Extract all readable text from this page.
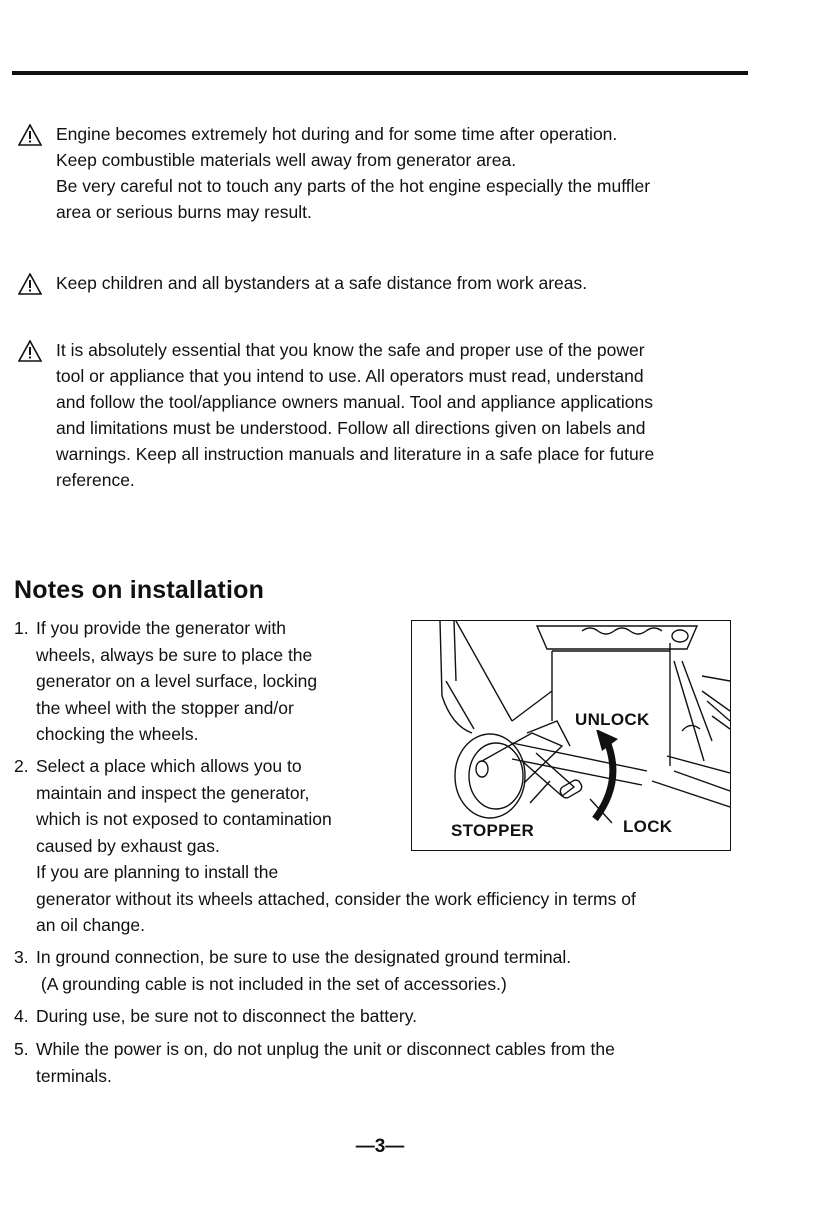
Engine becomes extremely hot during and for some time after operation.

Keep combustible materials well away from generator area.

Be very careful not to touch any parts of the hot engine especially the muffler

area or serious burns may result.

Keep children and all bystanders at a safe distance from work areas.

It is absolutely essential that you know the safe and proper use of the power

tool or appliance that you intend to use. All operators must read, understand

and follow the tool/appliance owners manual. Tool and appliance applications

and limitations must be understood. Follow all directions given on labels and

warnings. Keep all instruction manuals and literature in a safe place for future

reference.

Notes on installation
1. If you provide the generator with
wheels, always be sure to place the
generator on a level surface, locking
the wheel with the stopper and/or
chocking the wheels.
2. Select a place which allows you to
maintain and inspect the generator,
which is not exposed to contamination
caused by exhaust gas.
If you are planning to install the
generator without its wheels attached, consider the work efficiency in terms of
an oil change.
3. In ground connection, be sure to use the designated ground terminal.
(A grounding cable is not included in the set of accessories.)
4. During use, be sure not to disconnect the battery.
5. While the power is on, do not unplug the unit or disconnect cables from the
terminals.
UNLOCK
STOPPER	LOCK
—3—
